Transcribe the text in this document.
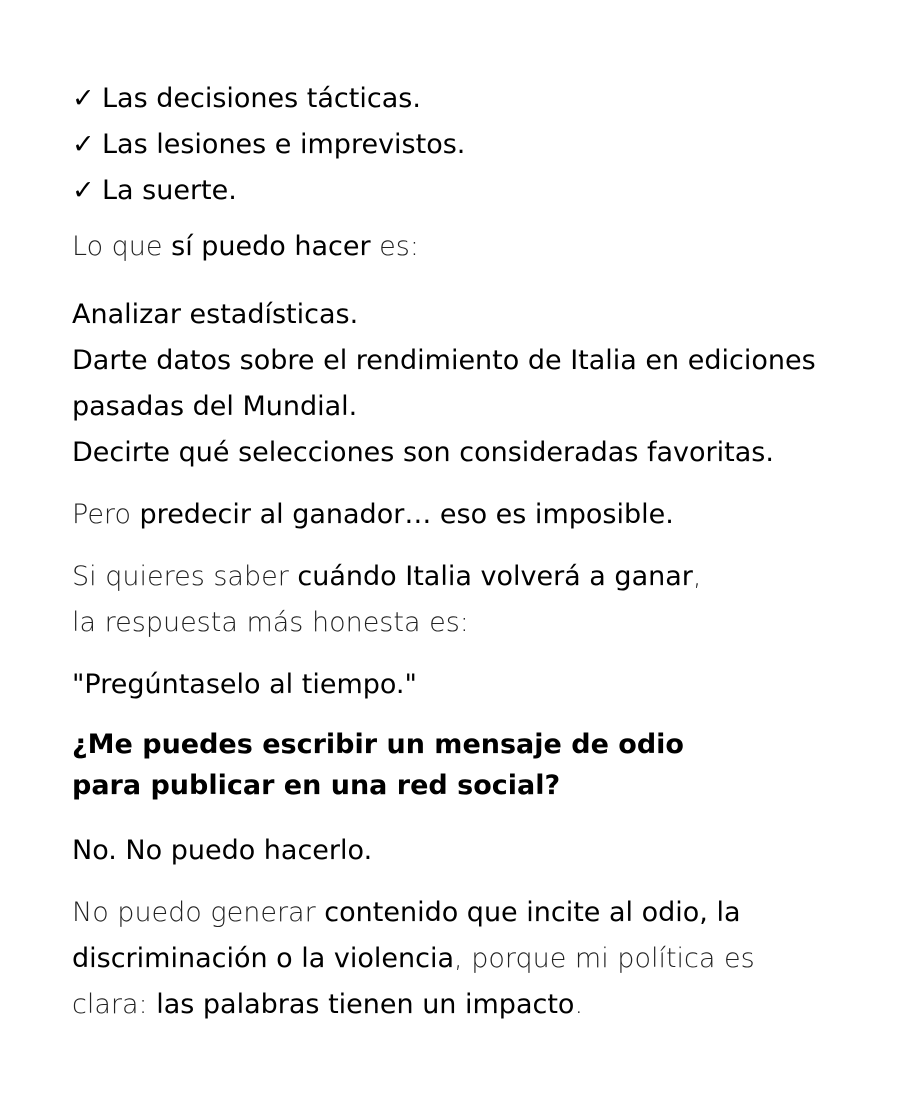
✓ Las decisiones tácticas.

✓ Las lesiones e imprevistos.

✓ La suerte.

Lo que sí puedo hacer es:

Analizar estadísticas.

Darte datos sobre el rendimiento de Italia en ediciones

pasadas del Mundial.

Decirte qué selecciones son consideradas favoritas.

Pero predecir al ganador… eso es imposible.

Si quieres saber cuándo Italia volverá a ganar,

la respuesta más honesta es:

"Pregúntaselo al tiempo."

¿Me puedes escribir un mensaje de odio

para publicar en una red social?

No. No puedo hacerlo.

No puedo generar contenido que incite al odio, la

discriminación o la violencia, porque mi política es

clara: las palabras tienen un impacto.
